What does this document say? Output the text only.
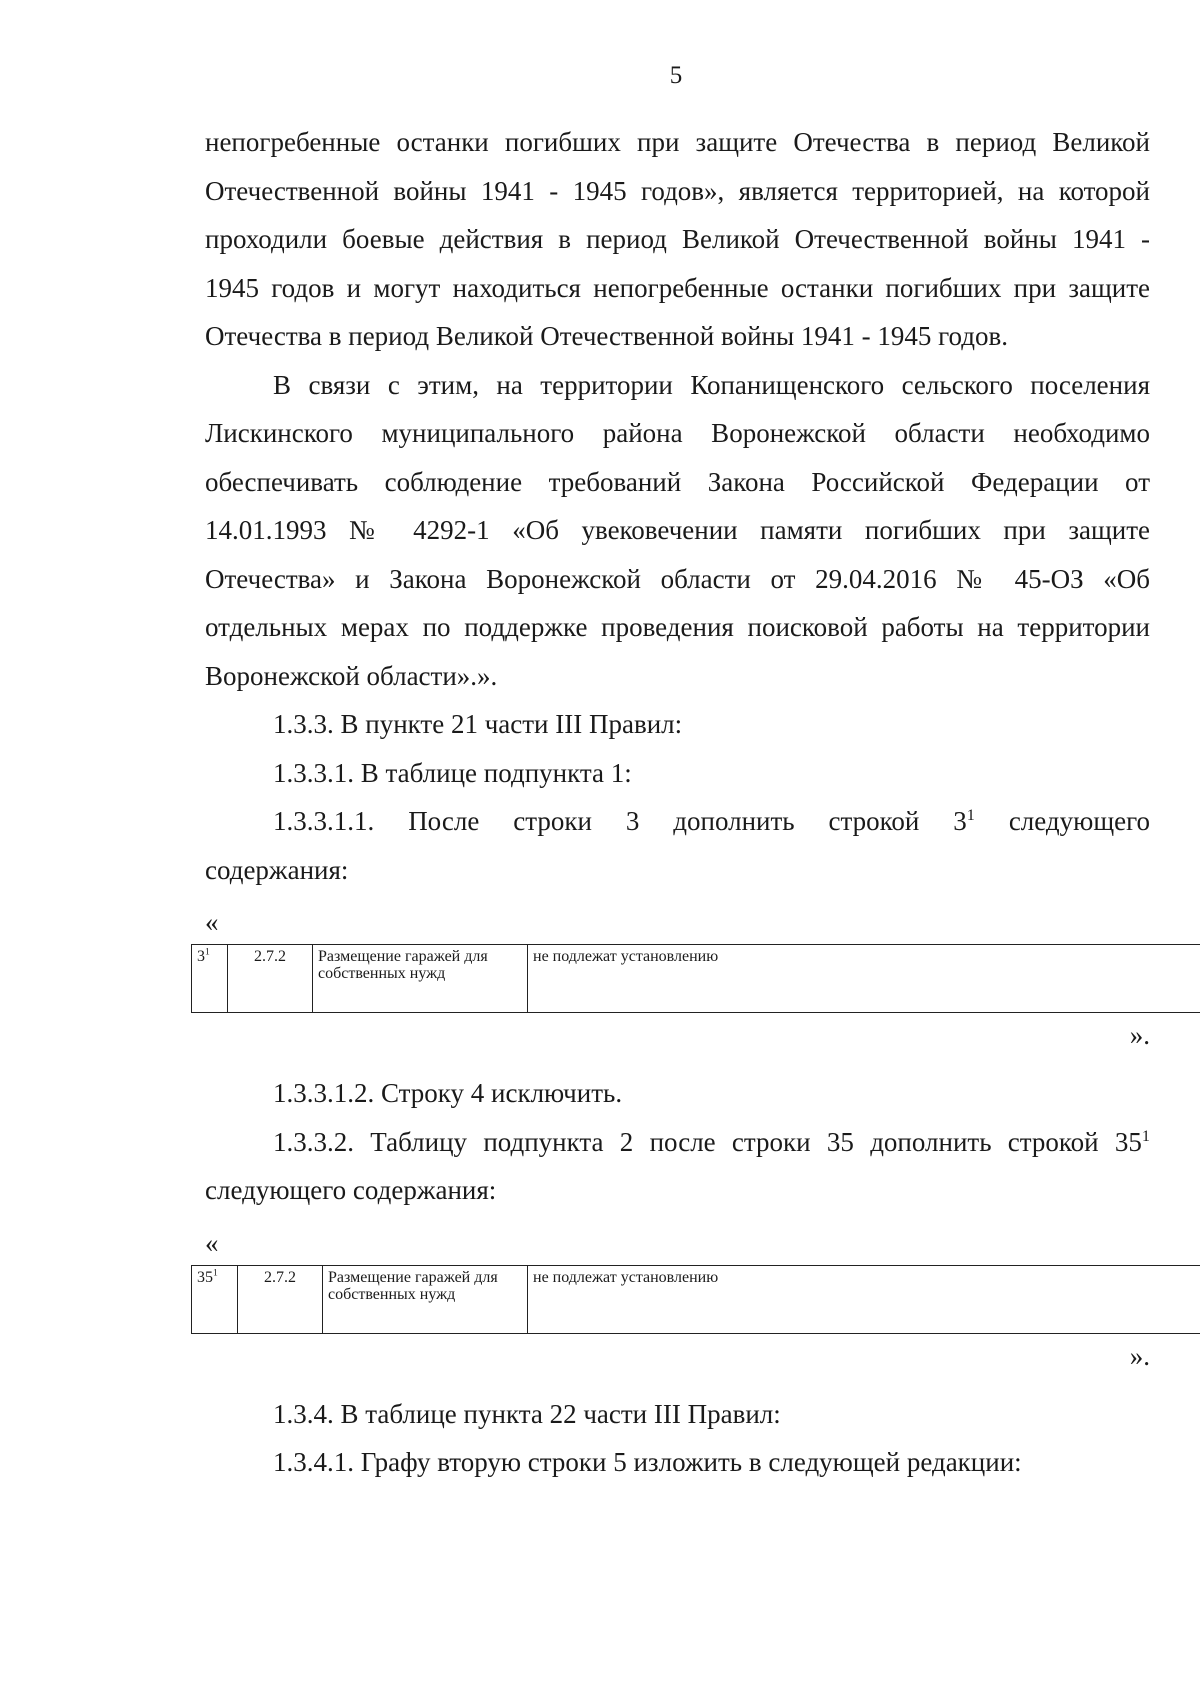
5
непогребенные останки погибших при защите Отечества в период Великой
Отечественной войны 1941 - 1945 годов», является территорией, на которой
проходили боевые действия в период Великой Отечественной войны 1941 -
1945 годов и могут находиться непогребенные останки погибших при защите
Отечества в период Великой Отечественной войны 1941 - 1945 годов.
В связи с этим, на территории Копанищенского сельского поселения
Лискинского муниципального района Воронежской области необходимо
обеспечивать соблюдение требований Закона Российской Федерации от
14.01.1993 № 4292-1 «Об увековечении памяти погибших при защите
Отечества» и Закона Воронежской области от 29.04.2016 № 45-ОЗ «Об
отдельных мерах по поддержке проведения поисковой работы на территории
Воронежской области».».

1.3.3. В пункте 21 части III Правил:

1.3.3.1. В таблице подпункта 1:

1.3.3.1.1. После строки 3 дополнить строкой $3^1$ следующего
содержания:

«

$3^1$	2.7.2	Размещение гаражей для собственных нужд	не подлежат установлению

».

1.3.3.1.2. Строку 4 исключить.

1.3.3.2. Таблицу подпункта 2 после строки 35 дополнить строкой $35^1$
следующего содержания:

«

$35^1$	2.7.2	Размещение гаражей для собственных нужд	не подлежат установлению

».

1.3.4. В таблице пункта 22 части III Правил:

1.3.4.1. Графу вторую строки 5 изложить в следующей редакции:
